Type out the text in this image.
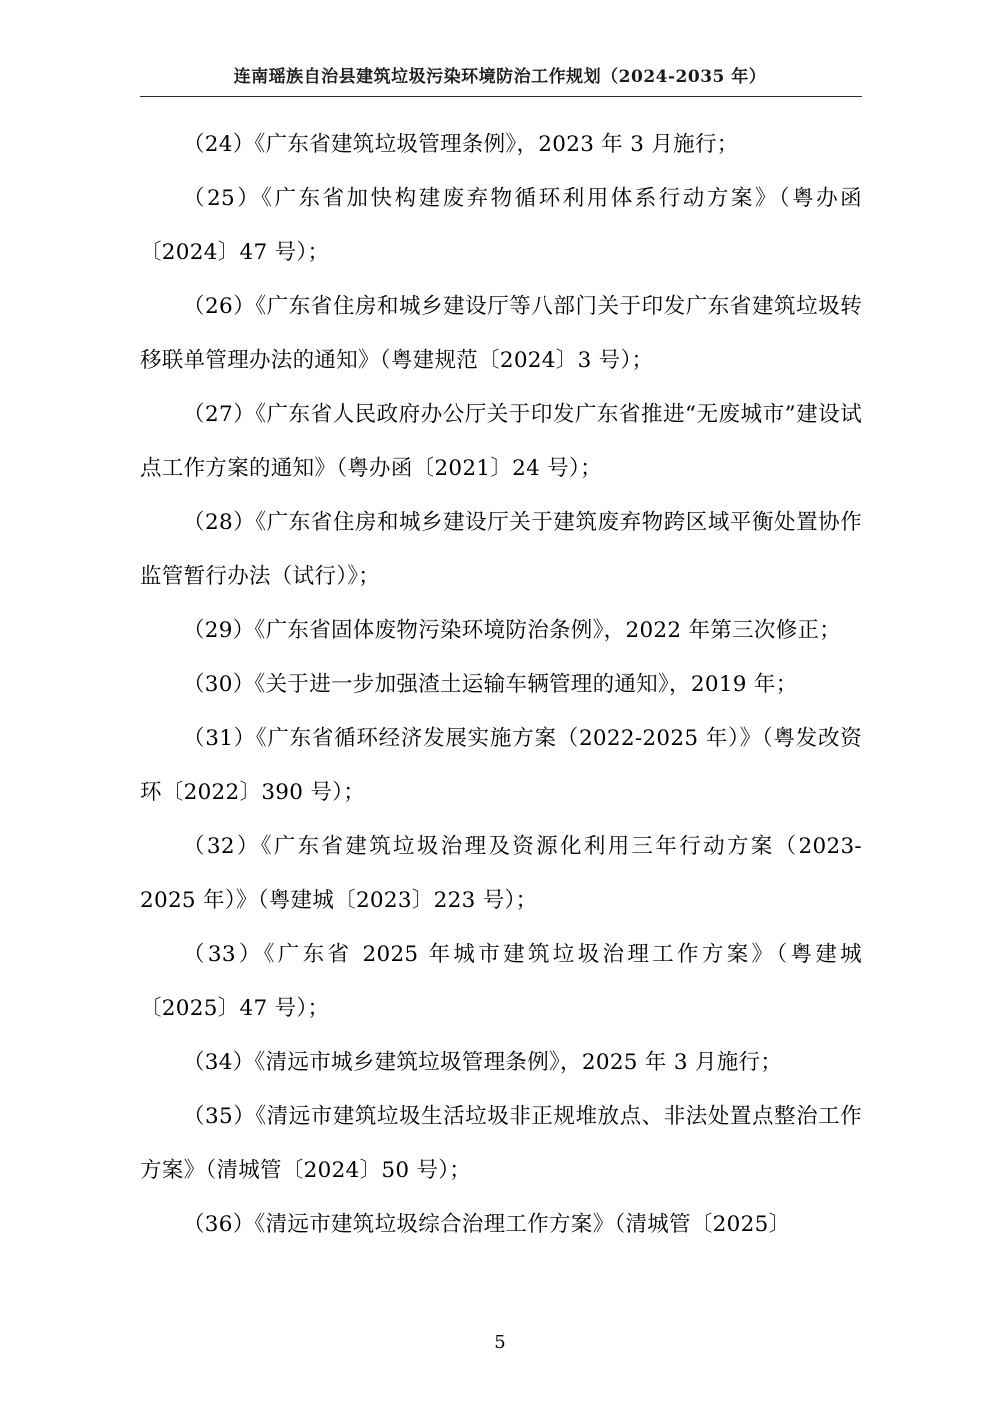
连南瑶族自治县建筑垃圾污染环境防治工作规划（2024-2035 年）

（24）《广东省建筑垃圾管理条例》，2023 年 3 月施行；

（25）《广东省加快构建废弃物循环利用体系行动方案》（粤办函〔2024〕47 号）；

（26）《广东省住房和城乡建设厅等八部门关于印发广东省建筑垃圾转移联单管理办法的通知》（粤建规范〔2024〕3 号）；

（27）《广东省人民政府办公厅关于印发广东省推进“无废城市”建设试点工作方案的通知》（粤办函〔2021〕24 号）；

（28）《广东省住房和城乡建设厅关于建筑废弃物跨区域平衡处置协作监管暂行办法（试行）》；

（29）《广东省固体废物污染环境防治条例》，2022 年第三次修正；

（30）《关于进一步加强渣土运输车辆管理的通知》，2019 年；

（31）《广东省循环经济发展实施方案（2022-2025 年）》（粤发改资环〔2022〕390 号）；

（32）《广东省建筑垃圾治理及资源化利用三年行动方案（2023-2025 年）》（粤建城〔2023〕223 号）；

（33）《广东省 2025 年城市建筑垃圾治理工作方案》（粤建城〔2025〕47 号）；

（34）《清远市城乡建筑垃圾管理条例》，2025 年 3 月施行；

（35）《清远市建筑垃圾生活垃圾非正规堆放点、非法处置点整治工作方案》（清城管〔2024〕50 号）；

（36）《清远市建筑垃圾综合治理工作方案》（清城管〔2025〕

5
